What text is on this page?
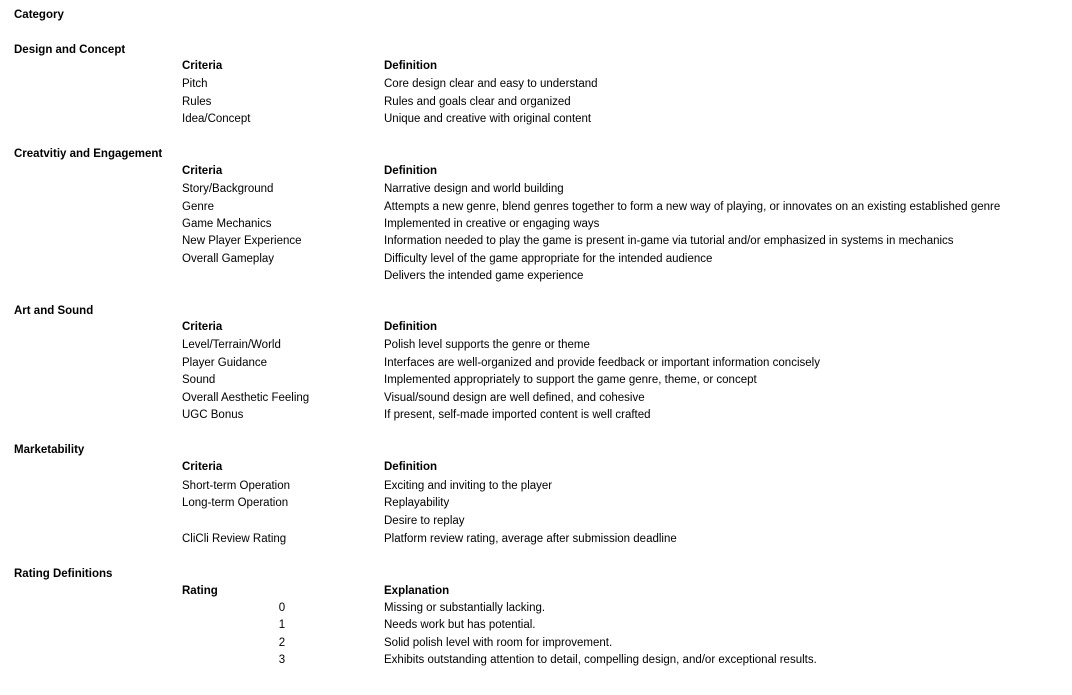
Category
Design and Concept
Criteria	Definition
Pitch	Core design clear and easy to understand
Rules	Rules and goals clear and organized
Idea/Concept	Unique and creative with original content
Creatvitiy and Engagement
Criteria	Definition
Story/Background	Narrative design and world building
Genre	Attempts a new genre, blend genres together to form a new way of playing, or innovates on an existing established genre
Game Mechanics	Implemented in creative or engaging ways
New Player Experience	Information needed to play the game is present in-game via tutorial and/or emphasized in systems in mechanics
Overall Gameplay	Difficulty level of the game appropriate for the intended audience
Delivers the intended game experience
Art and Sound
Criteria	Definition
Level/Terrain/World	Polish level supports the genre or theme
Player Guidance	Interfaces are well-organized and provide feedback or important information concisely
Sound	Implemented appropriately to support the game genre, theme, or concept
Overall Aesthetic Feeling	Visual/sound design are well defined, and cohesive
UGC Bonus	If present, self-made imported content is well crafted
Marketability
Criteria	Definition
Short-term Operation	Exciting and inviting to the player
Long-term Operation	Replayability
Desire to replay
CliCli Review Rating	Platform review rating, average after submission deadline
Rating Definitions
Rating	Explanation
0	Missing or substantially lacking.
1	Needs work but has potential.
2	Solid polish level with room for improvement.
3	Exhibits outstanding attention to detail, compelling design, and/or exceptional results.
